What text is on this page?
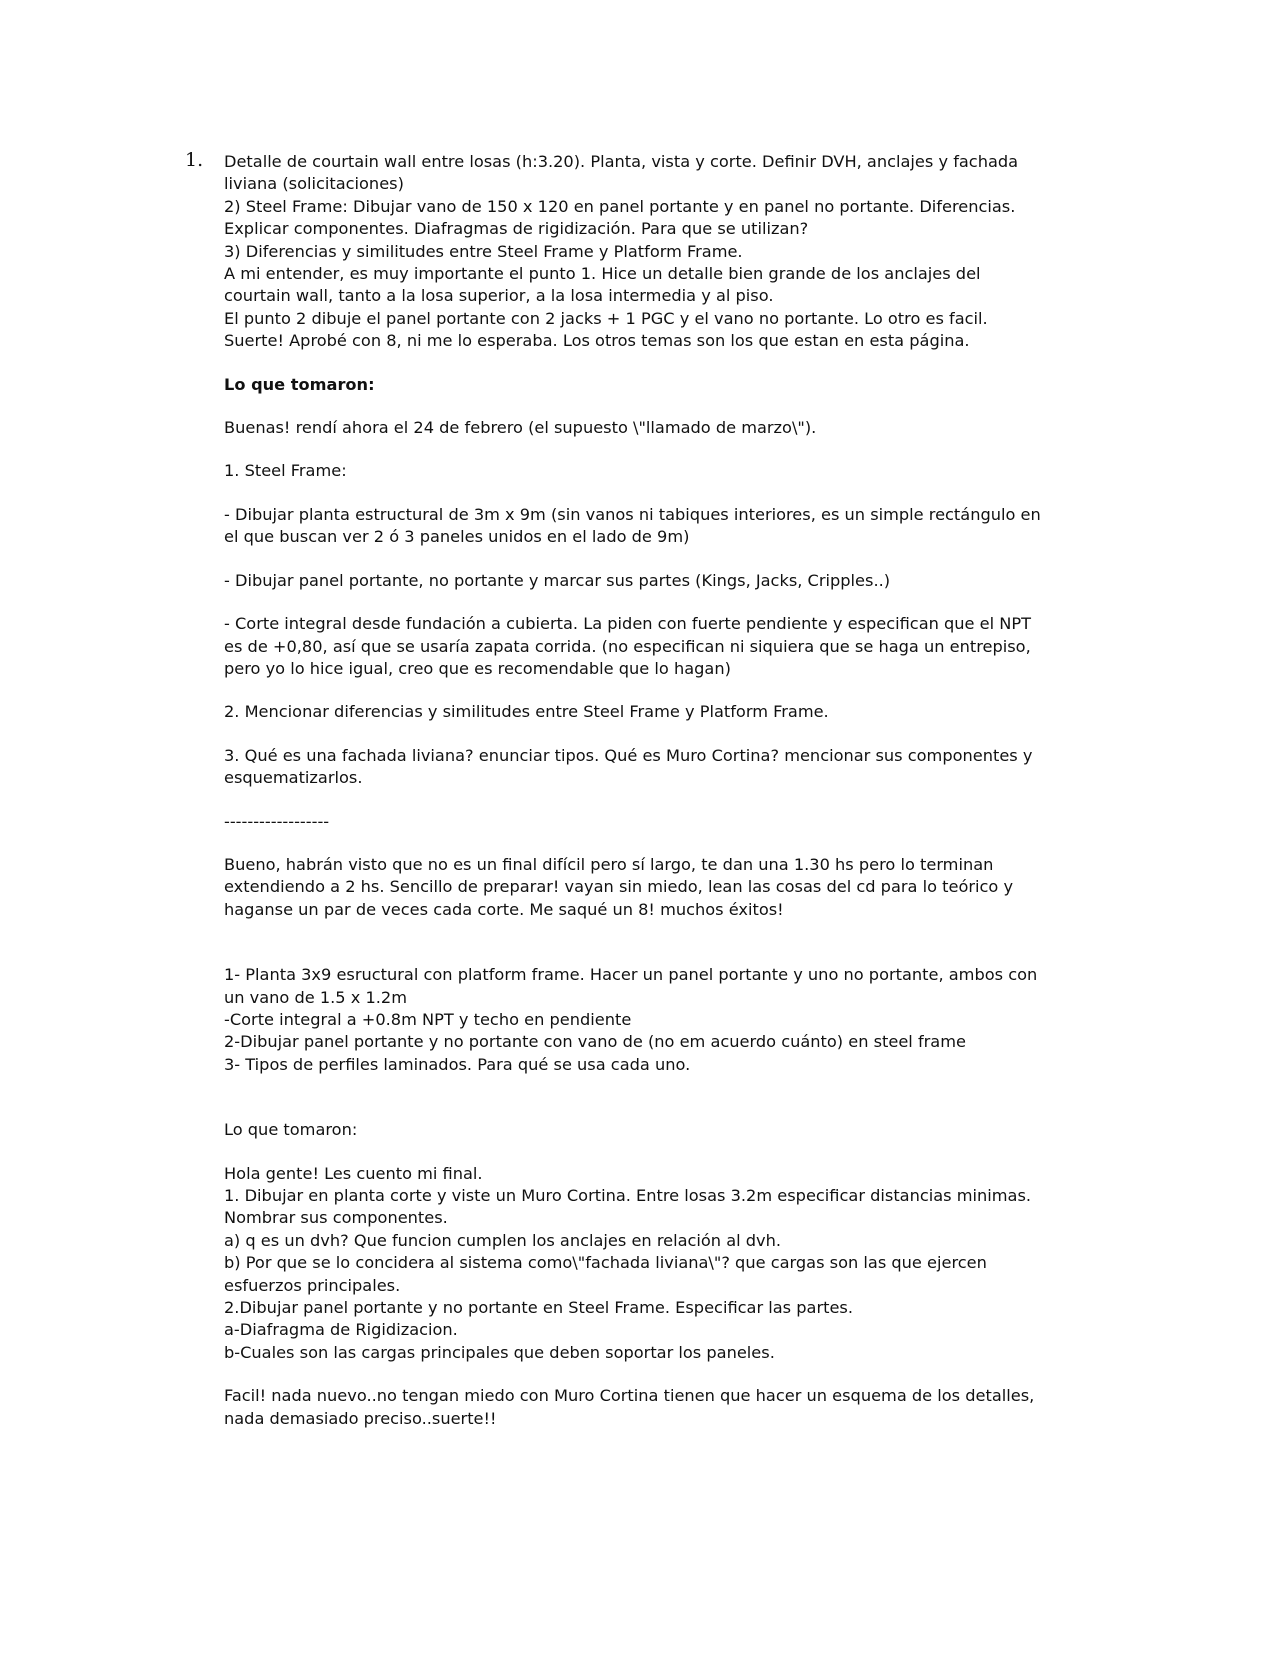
1. Detalle de courtain wall entre losas (h:3.20). Planta, vista y corte. Definir DVH, anclajes y fachada
liviana (solicitaciones)
2) Steel Frame: Dibujar vano de 150 x 120 en panel portante y en panel no portante. Diferencias.
Explicar componentes. Diafragmas de rigidización. Para que se utilizan?
3) Diferencias y similitudes entre Steel Frame y Platform Frame.
A mi entender, es muy importante el punto 1. Hice un detalle bien grande de los anclajes del
courtain wall, tanto a la losa superior, a la losa intermedia y al piso.
El punto 2 dibuje el panel portante con 2 jacks + 1 PGC y el vano no portante. Lo otro es facil.
Suerte! Aprobé con 8, ni me lo esperaba. Los otros temas son los que estan en esta página.

Lo que tomaron:

Buenas! rendí ahora el 24 de febrero (el supuesto \"llamado de marzo\").

1. Steel Frame:

- Dibujar planta estructural de 3m x 9m (sin vanos ni tabiques interiores, es un simple rectángulo en
el que buscan ver 2 ó 3 paneles unidos en el lado de 9m)

- Dibujar panel portante, no portante y marcar sus partes (Kings, Jacks, Cripples..)

- Corte integral desde fundación a cubierta. La piden con fuerte pendiente y especifican que el NPT
es de +0,80, así que se usaría zapata corrida. (no especifican ni siquiera que se haga un entrepiso,
pero yo lo hice igual, creo que es recomendable que lo hagan)

2. Mencionar diferencias y similitudes entre Steel Frame y Platform Frame.

3. Qué es una fachada liviana? enunciar tipos. Qué es Muro Cortina? mencionar sus componentes y
esquematizarlos.

------------------

Bueno, habrán visto que no es un final difícil pero sí largo, te dan una 1.30 hs pero lo terminan
extendiendo a 2 hs. Sencillo de preparar! vayan sin miedo, lean las cosas del cd para lo teórico y
haganse un par de veces cada corte. Me saqué un 8! muchos éxitos!

1- Planta 3x9 esructural con platform frame. Hacer un panel portante y uno no portante, ambos con
un vano de 1.5 x 1.2m
-Corte integral a +0.8m NPT y techo en pendiente
2-Dibujar panel portante y no portante con vano de (no em acuerdo cuánto) en steel frame
3- Tipos de perfiles laminados. Para qué se usa cada uno.

Lo que tomaron:

Hola gente! Les cuento mi final.
1. Dibujar en planta corte y viste un Muro Cortina. Entre losas 3.2m especificar distancias minimas.
Nombrar sus componentes.
a) q es un dvh? Que funcion cumplen los anclajes en relación al dvh.
b) Por que se lo concidera al sistema como\"fachada liviana\"? que cargas son las que ejercen
esfuerzos principales.
2.Dibujar panel portante y no portante en Steel Frame. Especificar las partes.
a-Diafragma de Rigidizacion.
b-Cuales son las cargas principales que deben soportar los paneles.

Facil! nada nuevo..no tengan miedo con Muro Cortina tienen que hacer un esquema de los detalles,
nada demasiado preciso..suerte!!
